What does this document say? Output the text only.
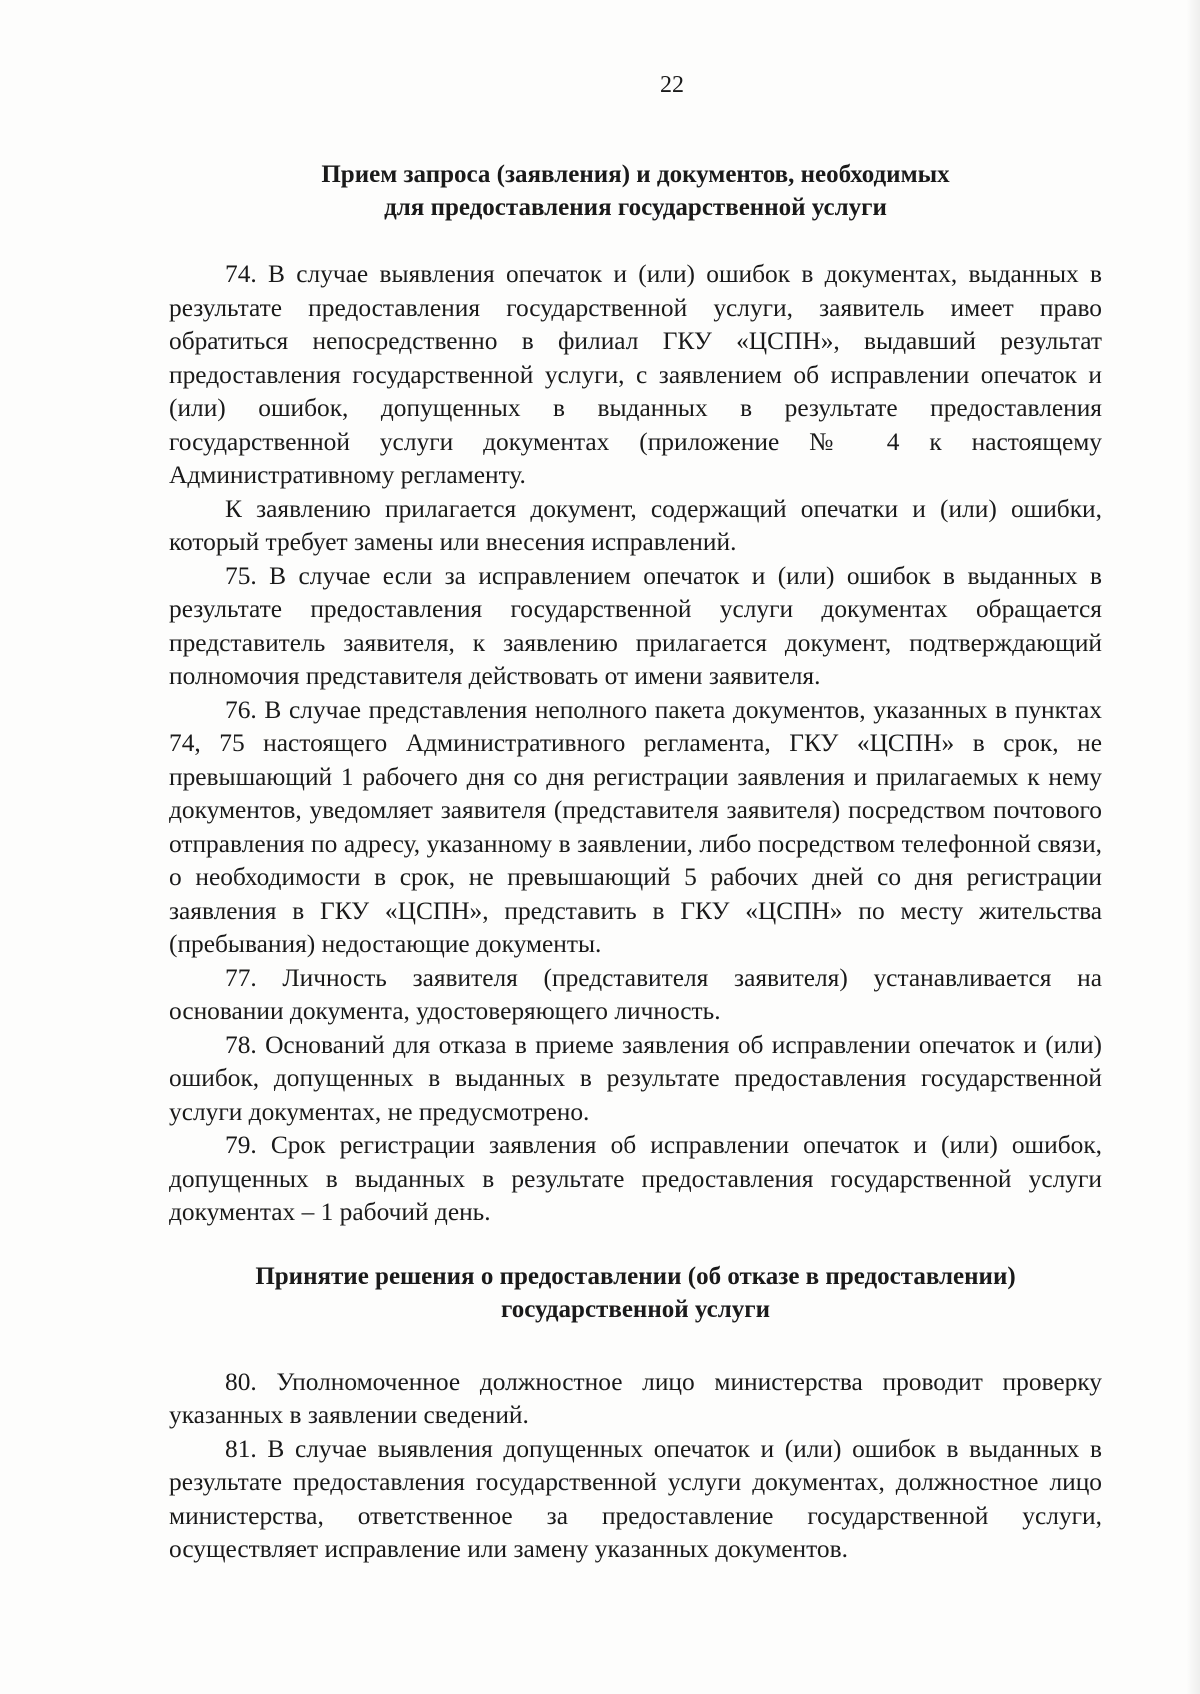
22
Прием запроса (заявления) и документов, необходимых
для предоставления государственной услуги

74. В случае выявления опечаток и (или) ошибок в документах, выданных в результате предоставления государственной услуги, заявитель имеет право обратиться непосредственно в филиал ГКУ «ЦСПН», выдавший результат предоставления государственной услуги, с заявлением об исправлении опечаток и (или) ошибок, допущенных в выданных в результате предоставления государственной услуги документах (приложение № 4 к настоящему Административному регламенту.

К заявлению прилагается документ, содержащий опечатки и (или) ошибки, который требует замены или внесения исправлений.

75. В случае если за исправлением опечаток и (или) ошибок в выданных в результате предоставления государственной услуги документах обращается представитель заявителя, к заявлению прилагается документ, подтверждающий полномочия представителя действовать от имени заявителя.

76. В случае представления неполного пакета документов, указанных в пунктах 74, 75 настоящего Административного регламента, ГКУ «ЦСПН» в срок, не превышающий 1 рабочего дня со дня регистрации заявления и прилагаемых к нему документов, уведомляет заявителя (представителя заявителя) посредством почтового отправления по адресу, указанному в заявлении, либо посредством телефонной связи, о необходимости в срок, не превышающий 5 рабочих дней со дня регистрации заявления в ГКУ «ЦСПН», представить в ГКУ «ЦСПН» по месту жительства (пребывания) недостающие документы.

77. Личность заявителя (представителя заявителя) устанавливается на основании документа, удостоверяющего личность.

78. Оснований для отказа в приеме заявления об исправлении опечаток и (или) ошибок, допущенных в выданных в результате предоставления государственной услуги документах, не предусмотрено.

79. Срок регистрации заявления об исправлении опечаток и (или) ошибок, допущенных в выданных в результате предоставления государственной услуги документах – 1 рабочий день.

Принятие решения о предоставлении (об отказе в предоставлении)
государственной услуги

80. Уполномоченное должностное лицо министерства проводит проверку указанных в заявлении сведений.

81. В случае выявления допущенных опечаток и (или) ошибок в выданных в результате предоставления государственной услуги документах, должностное лицо министерства, ответственное за предоставление государственной услуги, осуществляет исправление или замену указанных документов.
